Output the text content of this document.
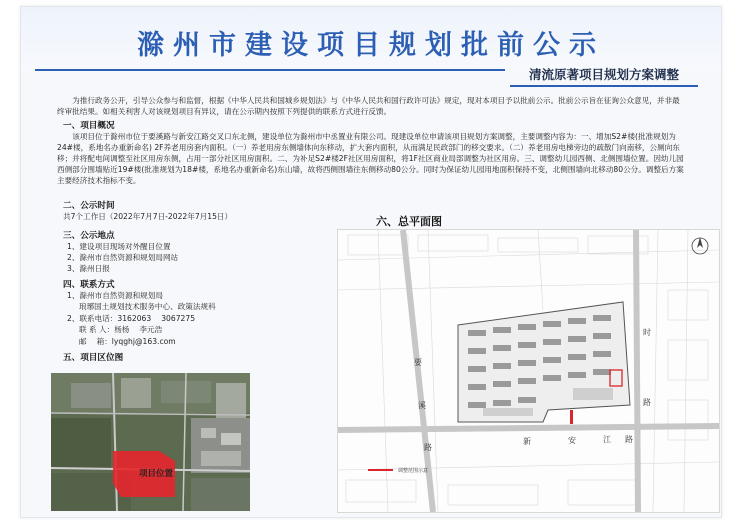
滁州市建设项目规划批前公示
清流原著项目规划方案调整
为推行政务公开，引导公众参与和监督，根据《中华人民共和国城乡规划法》与《中华人民共和国行政许可法》规定，现对本项目予以批前公示。批前公示旨在征询公众意见，并非最终审批结果。如相关利害人对该规划项目有异议，请在公示期内按照下列提供的联系方式进行反馈。
一、项目概况
该项目位于滁州市位于要溪路与新安江路交叉口东北侧，建设单位为滁州市中丞置业有限公司。现建设单位申请该项目规划方案调整，主要调整内容为：一、增加S2#楼(批准规划为24#楼，系地名办重新命名) 2F养老用房套内面积。（一）养老用房东侧墙体向东移动，扩大套内面积，从而满足民政部门的移交要求。（二）养老用房电梯旁边的疏散门向南移，公厕向东移；并将配电间调整至社区用房东侧，占用一部分社区用房面积。二、为补足S2#楼2F社区用房面积，将1F社区商业局部调整为社区用房。三、调整幼儿园西侧、北侧围墙位置。因幼儿园西侧部分围墙贴近19#楼(批准规划为18#楼，系地名办重新命名)东山墙，故将西侧围墙往东侧移动80公分。同时为保证幼儿园用地面积保持不变，北侧围墙向北移动80公分。调整后方案主要经济技术指标不变。
二、公示时间
共7个工作日（2022年7月7日-2022年7月15日）
三、公示地点
1、建设项目现场对外醒目位置
2、滁州市自然资源和规划局网站
3、滁州日报
四、联系方式
1、滁州市自然资源和规划局
琅琊国土规划技术服务中心、政策法规科
2、联系电话：3162063　 3067275
联 系 人：杨杨　 李元浩
邮　 箱：lyqghj@163.com
五、项目区位图
项目位置
六、总平面图
要
溪
路
新	安	江 路
时
路
调整范围示意
